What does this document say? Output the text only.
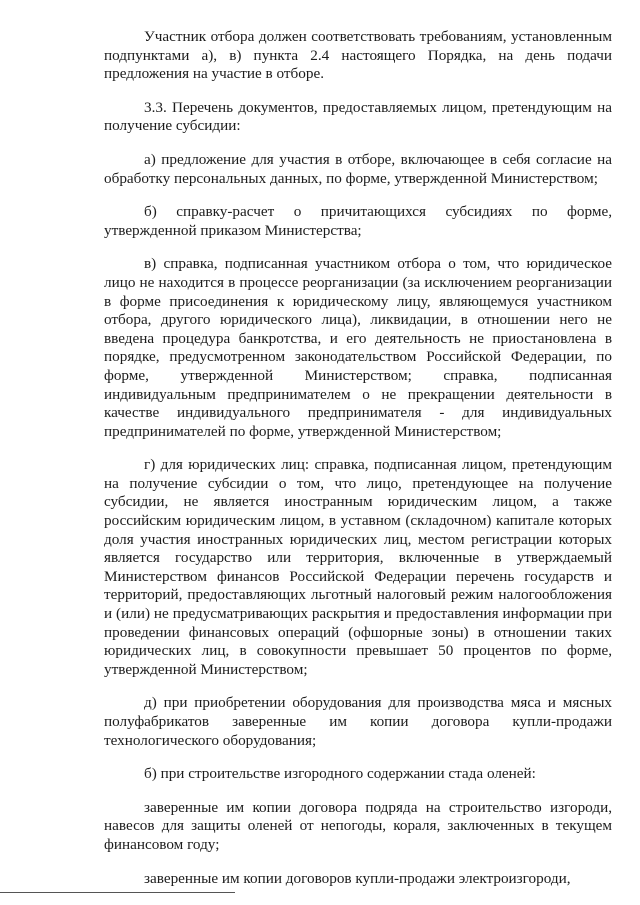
Участник отбора должен соответствовать требованиям, установленным подпунктами а), в) пункта 2.4 настоящего Порядка, на день подачи предложения на участие в отборе.

3.3. Перечень документов, предоставляемых лицом, претендующим на получение субсидии:

а) предложение для участия в отборе, включающее в себя согласие на обработку персональных данных, по форме, утвержденной Министерством;

б) справку-расчет о причитающихся субсидиях по форме, утвержденной приказом Министерства;

в) справка, подписанная участником отбора о том, что юридическое лицо не находится в процессе реорганизации (за исключением реорганизации в форме присоединения к юридическому лицу, являющемуся участником отбора, другого юридического лица), ликвидации, в отношении него не введена процедура банкротства, и его деятельность не приостановлена в порядке, предусмотренном законодательством Российской Федерации, по форме, утвержденной Министерством; справка, подписанная индивидуальным предпринимателем о не прекращении деятельности в качестве индивидуального предпринимателя - для индивидуальных предпринимателей по форме, утвержденной Министерством;

г) для юридических лиц: справка, подписанная лицом, претендующим на получение субсидии о том, что лицо, претендующее на получение субсидии, не является иностранным юридическим лицом, а также российским юридическим лицом, в уставном (складочном) капитале которых доля участия иностранных юридических лиц, местом регистрации которых является государство или территория, включенные в утверждаемый Министерством финансов Российской Федерации перечень государств и территорий, предоставляющих льготный налоговый режим налогообложения и (или) не предусматривающих раскрытия и предоставления информации при проведении финансовых операций (офшорные зоны) в отношении таких юридических лиц, в совокупности превышает 50 процентов по форме, утвержденной Министерством;

д) при приобретении оборудования для производства мяса и мясных полуфабрикатов заверенные им копии договора купли-продажи технологического оборудования;

б) при строительстве изгородного содержании стада оленей:

заверенные им копии договора подряда на строительство изгороди, навесов для защиты оленей от непогоды, кораля, заключенных в текущем финансовом году;

заверенные им копии договоров купли-продажи электроизгороди,
